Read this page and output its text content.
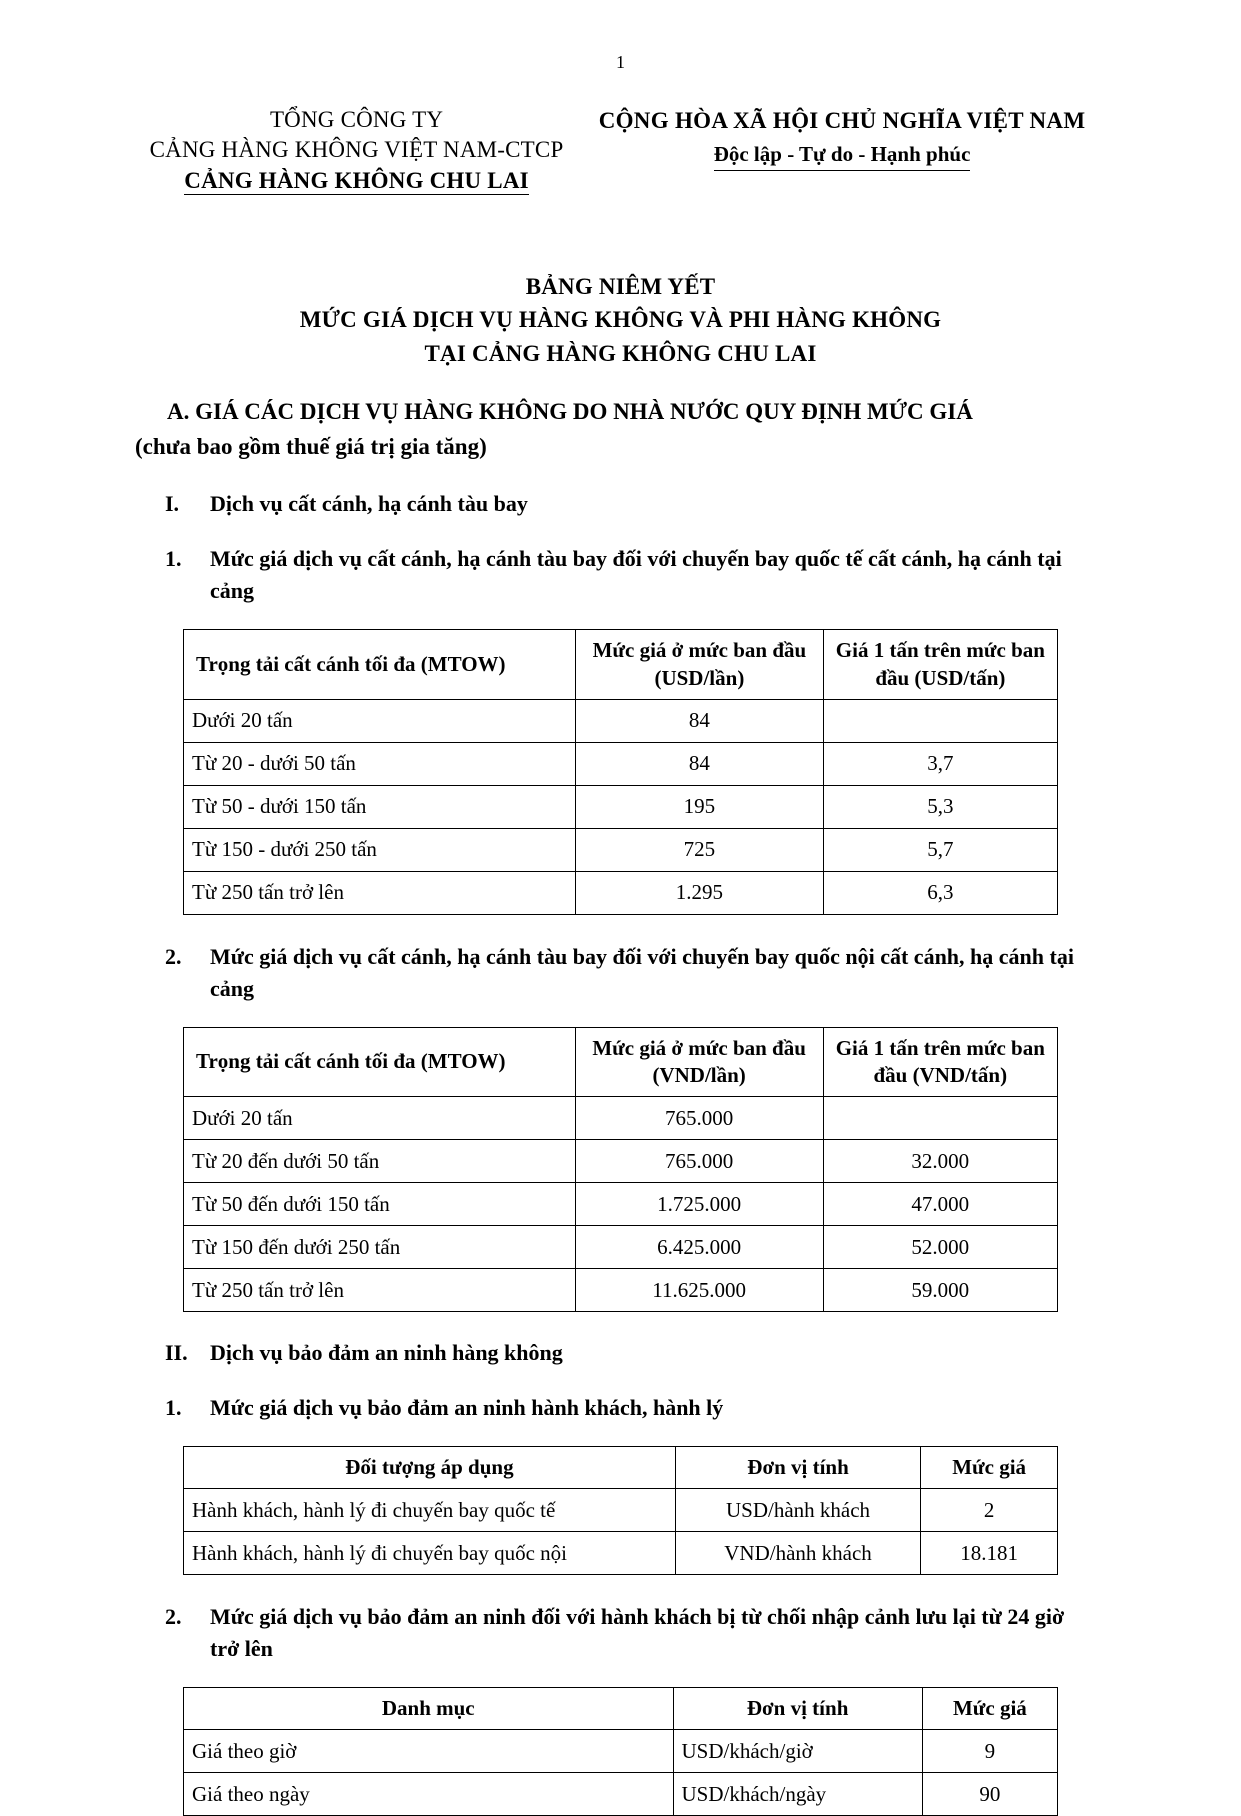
1
TỔNG CÔNG TY
CẢNG HÀNG KHÔNG VIỆT NAM-CTCP
CẢNG HÀNG KHÔNG CHU LAI
CỘNG HÒA XÃ HỘI CHỦ NGHĨA VIỆT NAM
Độc lập - Tự do - Hạnh phúc
BẢNG NIÊM YẾT
MỨC GIÁ DỊCH VỤ HÀNG KHÔNG VÀ PHI HÀNG KHÔNG
TẠI CẢNG HÀNG KHÔNG CHU LAI
A. GIÁ CÁC DỊCH VỤ HÀNG KHÔNG DO NHÀ NƯỚC QUY ĐỊNH MỨC GIÁ
(chưa bao gồm thuế giá trị gia tăng)
I.	Dịch vụ cất cánh, hạ cánh tàu bay
1.	Mức giá dịch vụ cất cánh, hạ cánh tàu bay đối với chuyến bay quốc tế cất cánh, hạ cánh tại cảng
Trọng tải cất cánh tối đa (MTOW)	Mức giá ở mức ban đầu (USD/lần)	Giá 1 tấn trên mức ban đầu (USD/tấn)
Dưới 20 tấn	84	
Từ 20 - dưới 50 tấn	84	3,7
Từ 50 - dưới 150 tấn	195	5,3
Từ 150 - dưới 250 tấn	725	5,7
Từ 250 tấn trở lên	1.295	6,3
2.	Mức giá dịch vụ cất cánh, hạ cánh tàu bay đối với chuyến bay quốc nội cất cánh, hạ cánh tại cảng
Trọng tải cất cánh tối đa (MTOW)	Mức giá ở mức ban đầu (VND/lần)	Giá 1 tấn trên mức ban đầu (VND/tấn)
Dưới 20 tấn	765.000	
Từ 20 đến dưới 50 tấn	765.000	32.000
Từ 50 đến dưới 150 tấn	1.725.000	47.000
Từ 150 đến dưới 250 tấn	6.425.000	52.000
Từ 250 tấn trở lên	11.625.000	59.000
II.	Dịch vụ bảo đảm an ninh hàng không
1.	Mức giá dịch vụ bảo đảm an ninh hành khách, hành lý
Đối tượng áp dụng	Đơn vị tính	Mức giá
Hành khách, hành lý đi chuyến bay quốc tế	USD/hành khách	2
Hành khách, hành lý đi chuyến bay quốc nội	VND/hành khách	18.181
2.	Mức giá dịch vụ bảo đảm an ninh đối với hành khách bị từ chối nhập cảnh lưu lại từ 24 giờ trở lên
Danh mục	Đơn vị tính	Mức giá
Giá theo giờ	USD/khách/giờ	9
Giá theo ngày	USD/khách/ngày	90
